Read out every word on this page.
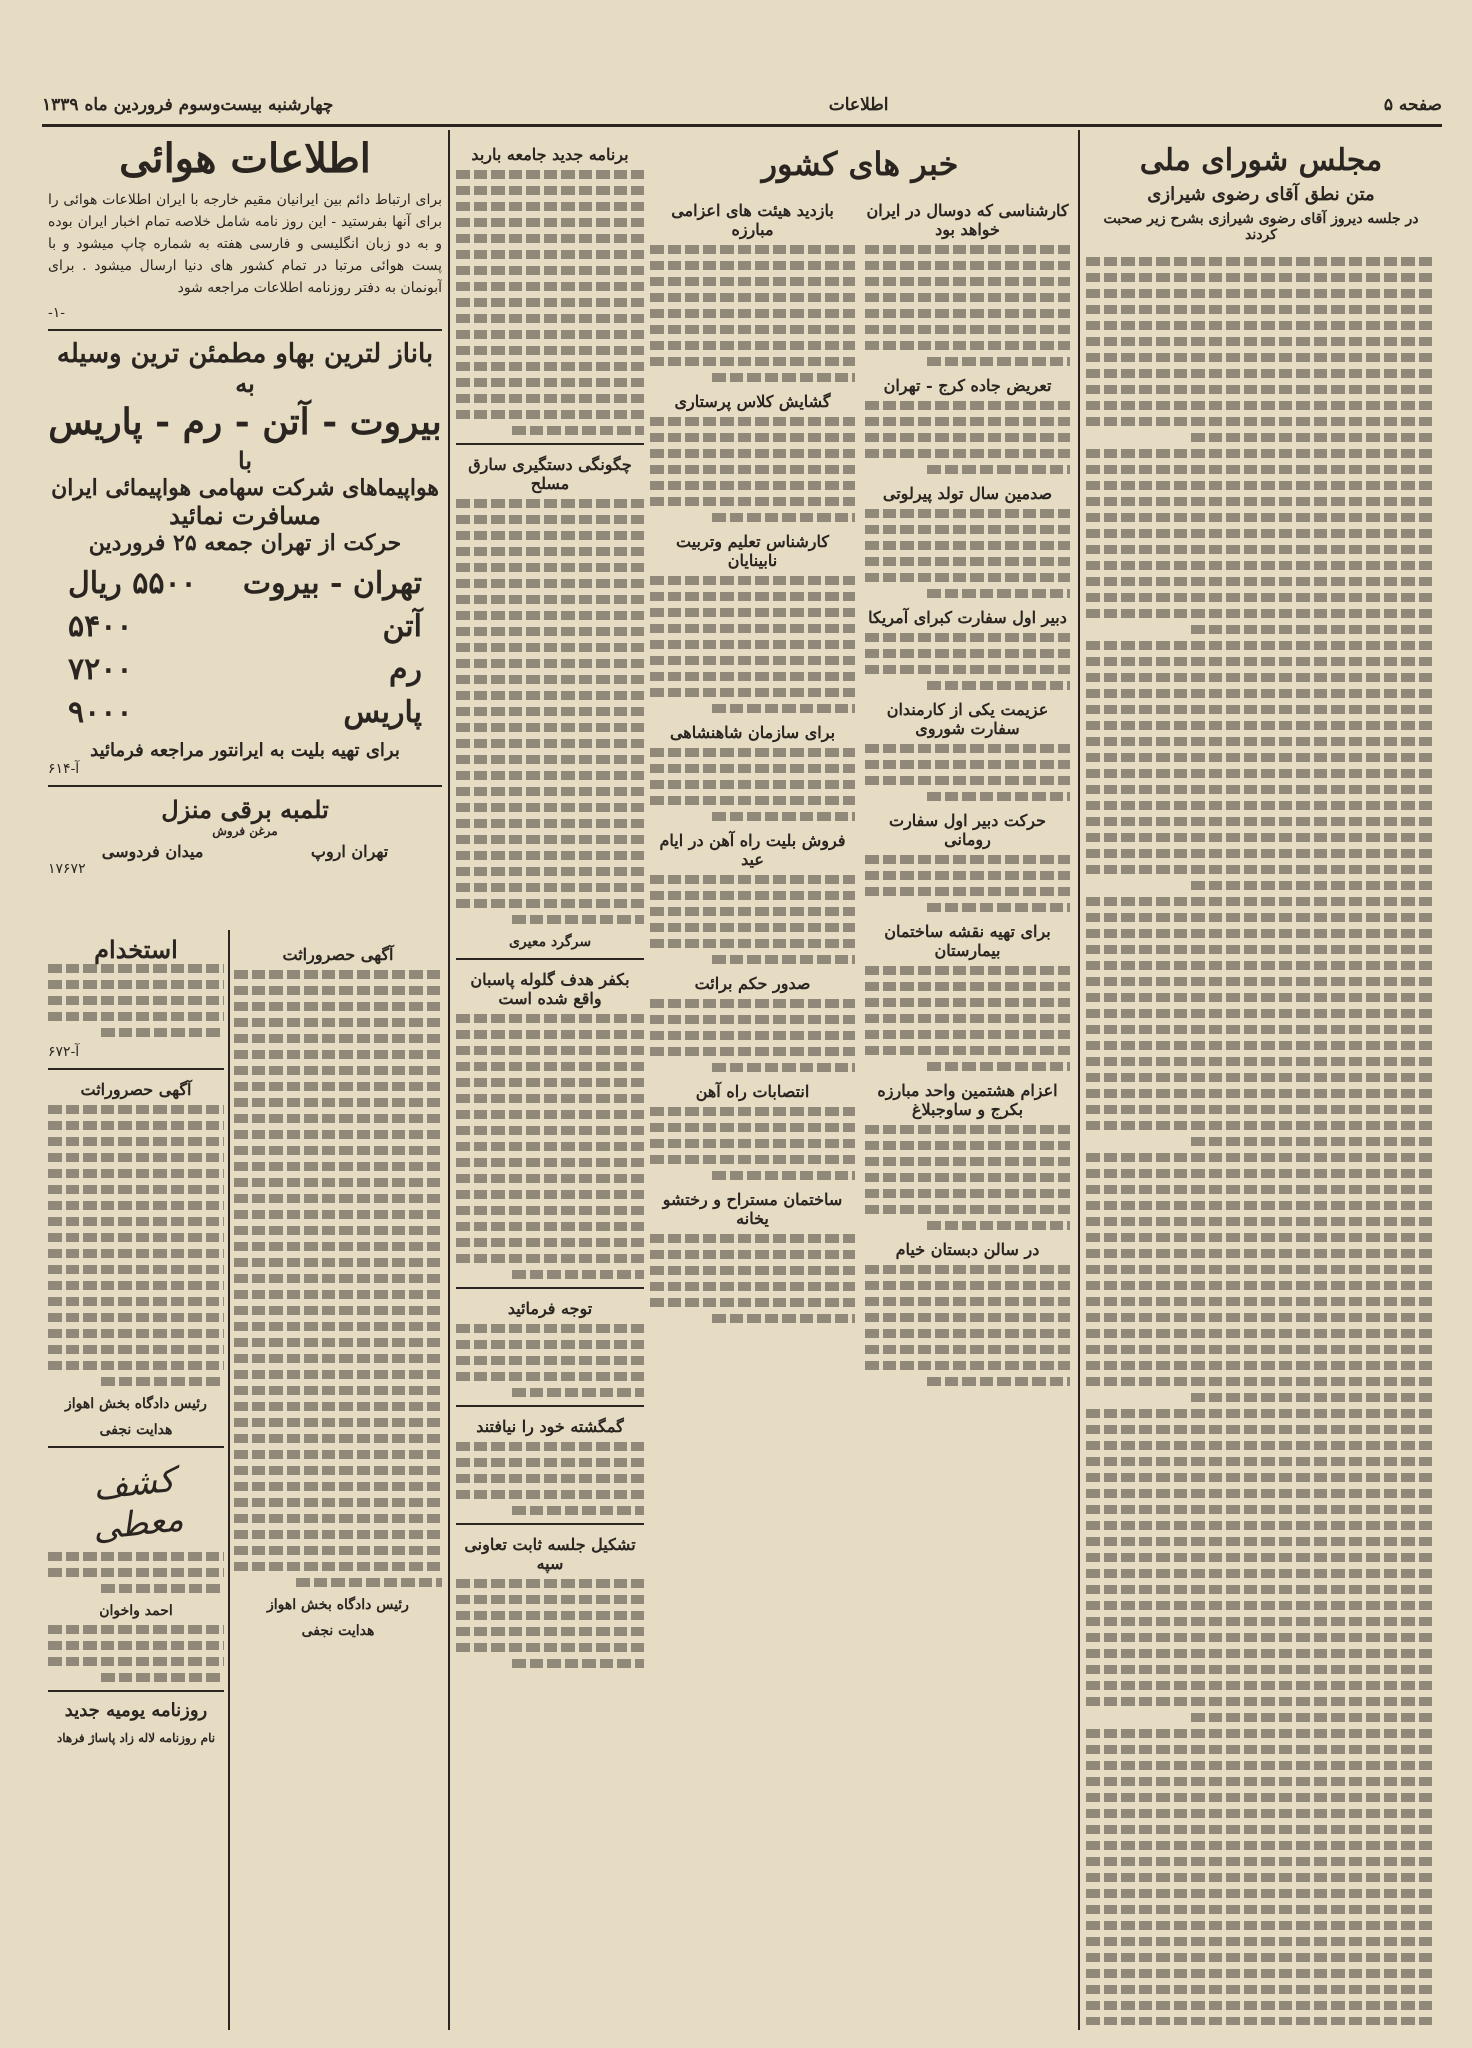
صفحه ۵
اطلاعات
چهارشنبه بیست‌وسوم فروردین ماه ۱۳۳۹
مجلس شورای ملی
متن نطق آقای رضوی شیرازی
در جلسه دیروز آقای رضوی شیرازی بشرح زیر صحبت کردند
خبر های کشور
کارشناسی که دوسال در ایران خواهد بود
تعریض جاده کرج - تهران
صدمین سال تولد پیرلوتی
دبیر اول سفارت کبرای آمریکا
عزیمت یکی از کارمندان سفارت شوروی
حرکت دبیر اول سفارت رومانی
برای تهیه نقشه ساختمان بیمارستان
اعزام هشتمین واحد مبارزه بکرج و ساوجبلاغ
در سالن دبستان خیام
بازدید هیئت های اعزامی مبارزه
گشایش کلاس پرستاری
کارشناس تعلیم وتربیت نابینایان
برای سازمان شاهنشاهی
فروش بلیت راه آهن در ایام عید
صدور حکم برائت
انتصابات راه آهن
ساختمان مستراح و رختشو یخانه
برنامه جدید جامعه باربد
چگونگی دستگیری سارق مسلح
سرگرد معیری
بکفر هدف گلوله پاسبان واقع شده است
توجه فرمائید
گمگشته خود را نیافتند
تشکیل جلسه ثابت تعاونی سپه
اطلاعات هوائی
برای ارتباط دائم بین ایرانیان مقیم خارجه با ایران اطلاعات هوائی را برای آنها بفرستید - این روز نامه شامل خلاصه تمام اخبار ایران بوده و به دو زبان انگلیسی و فارسی هفته به شماره چاپ میشود و با پست هوائی مرتبا در تمام کشور های دنیا ارسال میشود . برای آبونمان به دفتر روزنامه اطلاعات مراجعه شود
-۱-
باناز لترین بهاو مطمئن ترین وسیله
به
بیروت - آتن - رم - پاریس
با
هواپیماهای شرکت سهامی هواپیمائی ایران
مسافرت نمائید
حرکت از تهران جمعه ۲۵ فروردین
تهران - بیروت
۵۵۰۰ ریال
آتن
۵۴۰۰
رم
۷۲۰۰
پاریس
۹۰۰۰
برای تهیه بلیت به ایرانتور مراجعه فرمائید
آ-۶۱۴
تلمبه برقی منزل
مرغن فروش
تهران اروپ
میدان فردوسی
۱۷۶۷۲
استخدام
آ-۶۷۲
آگهی حصروراثت
رئیس دادگاه بخش اهواز
هدایت نجفی
کشف معطی
احمد واخوان
روزنامه یومیه جدید
نام روزنامه لاله زاد پاساژ فرهاد
آگهی حصروراثت
رئیس دادگاه بخش اهواز
هدایت نجفی
